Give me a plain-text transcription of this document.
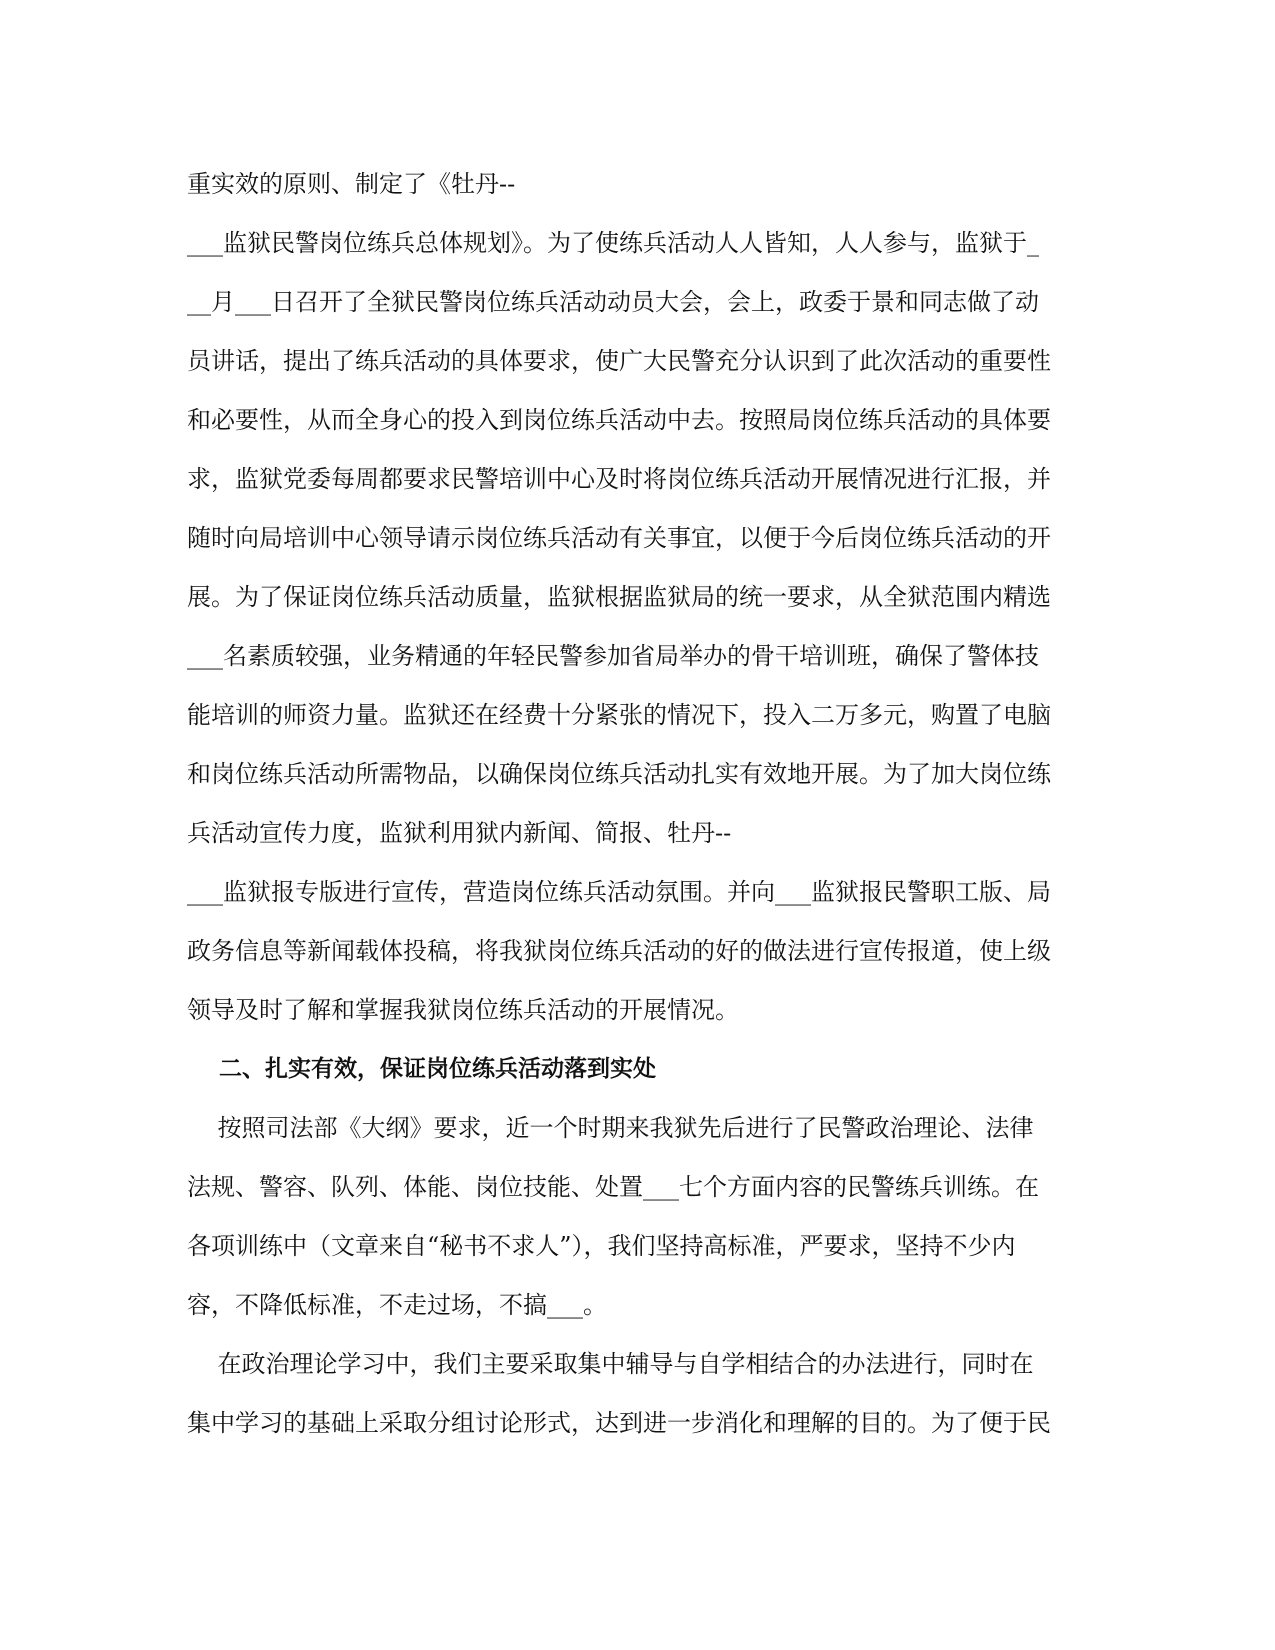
重实效的原则、制定了《牡丹--
___监狱民警岗位练兵总体规划》。为了使练兵活动人人皆知，人人参与，监狱于_
__月___日召开了全狱民警岗位练兵活动动员大会，会上，政委于景和同志做了动
员讲话，提出了练兵活动的具体要求，使广大民警充分认识到了此次活动的重要性
和必要性，从而全身心的投入到岗位练兵活动中去。按照局岗位练兵活动的具体要
求，监狱党委每周都要求民警培训中心及时将岗位练兵活动开展情况进行汇报，并
随时向局培训中心领导请示岗位练兵活动有关事宜，以便于今后岗位练兵活动的开
展。为了保证岗位练兵活动质量，监狱根据监狱局的统一要求，从全狱范围内精选
___名素质较强，业务精通的年轻民警参加省局举办的骨干培训班，确保了警体技
能培训的师资力量。监狱还在经费十分紧张的情况下，投入二万多元，购置了电脑
和岗位练兵活动所需物品，以确保岗位练兵活动扎实有效地开展。为了加大岗位练
兵活动宣传力度，监狱利用狱内新闻、简报、牡丹--
___监狱报专版进行宣传，营造岗位练兵活动氛围。并向___监狱报民警职工版、局
政务信息等新闻载体投稿，将我狱岗位练兵活动的好的做法进行宣传报道，使上级
领导及时了解和掌握我狱岗位练兵活动的开展情况。
二、扎实有效，保证岗位练兵活动落到实处
按照司法部《大纲》要求，近一个时期来我狱先后进行了民警政治理论、法律
法规、警容、队列、体能、岗位技能、处置___七个方面内容的民警练兵训练。在
各项训练中（文章来自“秘书不求人”），我们坚持高标准，严要求，坚持不少内
容，不降低标准，不走过场，不搞___。
在政治理论学习中，我们主要采取集中辅导与自学相结合的办法进行，同时在
集中学习的基础上采取分组讨论形式，达到进一步消化和理解的目的。为了便于民
